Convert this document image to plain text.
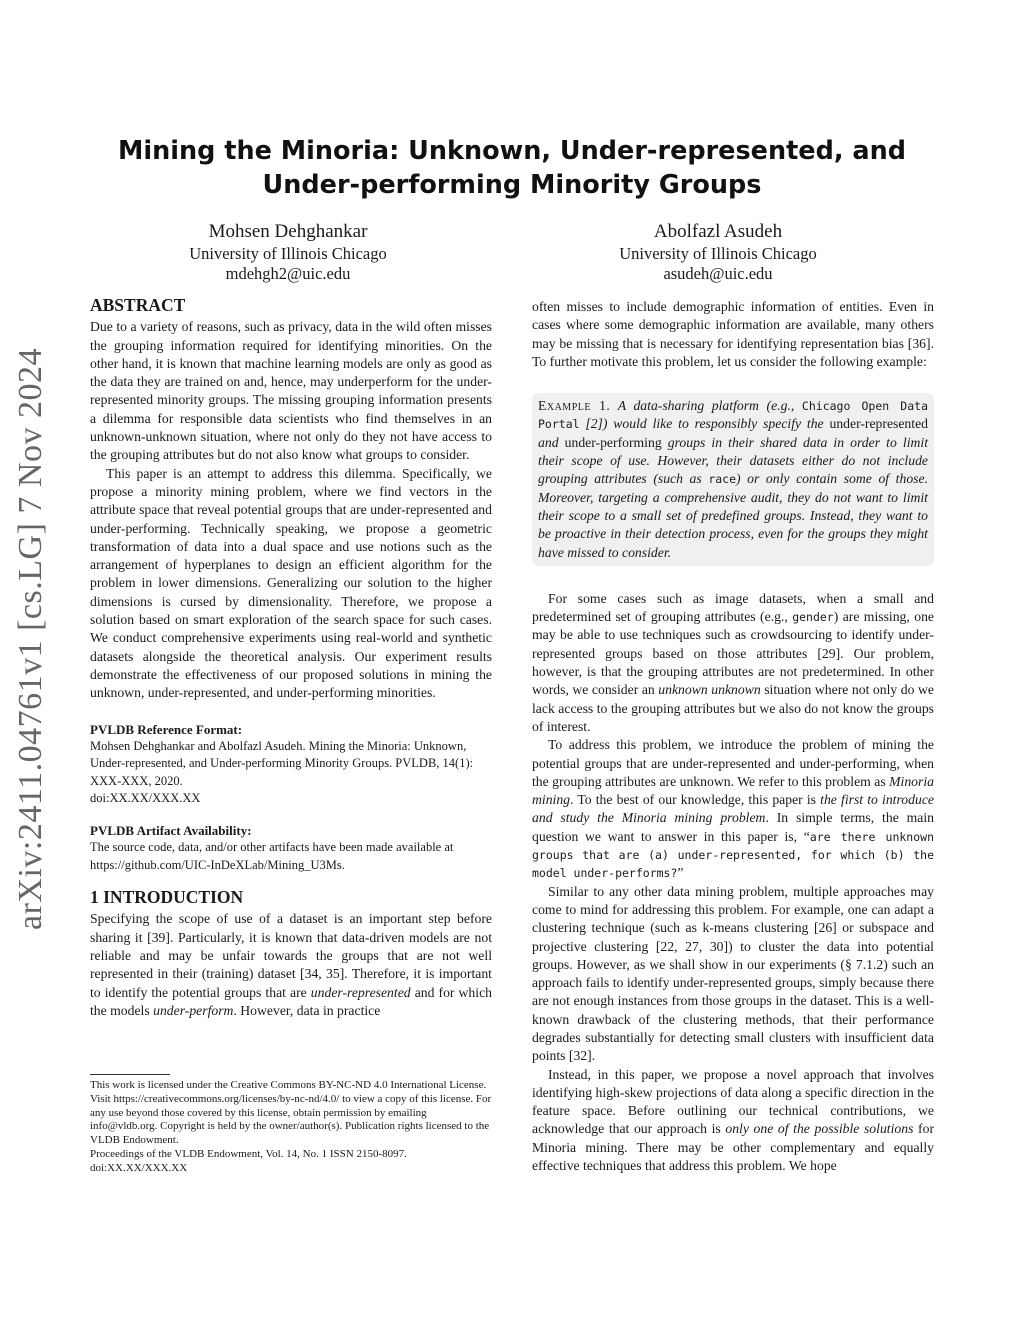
arXiv:2411.04761v1 [cs.LG] 7 Nov 2024
Mining the Minoria: Unknown, Under-represented, and
Under-performing Minority Groups
Mohsen Dehghankar
University of Illinois Chicago
mdehgh2@uic.edu
Abolfazl Asudeh
University of Illinois Chicago
asudeh@uic.edu
ABSTRACT

Due to a variety of reasons, such as privacy, data in the wild often misses the grouping information required for identifying minorities. On the other hand, it is known that machine learning models are only as good as the data they are trained on and, hence, may underperform for the under-represented minority groups. The missing grouping information presents a dilemma for responsible data scientists who find themselves in an unknown-unknown situation, where not only do they not have access to the grouping attributes but do not also know what groups to consider.

This paper is an attempt to address this dilemma. Specifically, we propose a minority mining problem, where we find vectors in the attribute space that reveal potential groups that are under-represented and under-performing. Technically speaking, we propose a geometric transformation of data into a dual space and use notions such as the arrangement of hyperplanes to design an efficient algorithm for the problem in lower dimensions. Generalizing our solution to the higher dimensions is cursed by dimensionality. Therefore, we propose a solution based on smart exploration of the search space for such cases. We conduct comprehensive experiments using real-world and synthetic datasets alongside the theoretical analysis. Our experiment results demonstrate the effectiveness of our proposed solutions in mining the unknown, under-represented, and under-performing minorities.

PVLDB Reference Format:
Mohsen Dehghankar and Abolfazl Asudeh. Mining the Minoria: Unknown, Under-represented, and Under-performing Minority Groups. PVLDB, 14(1): XXX-XXX, 2020.
doi:XX.XX/XXX.XX
PVLDB Artifact Availability:
The source code, data, and/or other artifacts have been made available at
https://github.com/UIC-InDeXLab/Mining_U3Ms.
1 INTRODUCTION

Specifying the scope of use of a dataset is an important step before sharing it [39]. Particularly, it is known that data-driven models are not reliable and may be unfair towards the groups that are not well represented in their (training) dataset [34, 35]. Therefore, it is important to identify the potential groups that are under-represented and for which the models under-perform. However, data in practice

This work is licensed under the Creative Commons BY-NC-ND 4.0 International License. Visit https://creativecommons.org/licenses/by-nc-nd/4.0/ to view a copy of this license. For any use beyond those covered by this license, obtain permission by emailing info@vldb.org. Copyright is held by the owner/author(s). Publication rights licensed to the VLDB Endowment.
Proceedings of the VLDB Endowment, Vol. 14, No. 1 ISSN 2150-8097.
doi:XX.XX/XXX.XX

often misses to include demographic information of entities. Even in cases where some demographic information are available, many others may be missing that is necessary for identifying representation bias [36]. To further motivate this problem, let us consider the following example:

Example 1. A data-sharing platform (e.g., Chicago Open Data Portal [2]) would like to responsibly specify the under-represented and under-performing groups in their shared data in order to limit their scope of use. However, their datasets either do not include grouping attributes (such as race) or only contain some of those. Moreover, targeting a comprehensive audit, they do not want to limit their scope to a small set of predefined groups. Instead, they want to be proactive in their detection process, even for the groups they might have missed to consider.

For some cases such as image datasets, when a small and predetermined set of grouping attributes (e.g., gender) are missing, one may be able to use techniques such as crowdsourcing to identify under-represented groups based on those attributes [29]. Our problem, however, is that the grouping attributes are not predetermined. In other words, we consider an unknown unknown situation where not only do we lack access to the grouping attributes but we also do not know the groups of interest.

To address this problem, we introduce the problem of mining the potential groups that are under-represented and under-performing, when the grouping attributes are unknown. We refer to this problem as Minoria mining. To the best of our knowledge, this paper is the first to introduce and study the Minoria mining problem. In simple terms, the main question we want to answer in this paper is, “are there unknown groups that are (a) under-represented, for which (b) the model under-performs?”

Similar to any other data mining problem, multiple approaches may come to mind for addressing this problem. For example, one can adapt a clustering technique (such as k-means clustering [26] or subspace and projective clustering [22, 27, 30]) to cluster the data into potential groups. However, as we shall show in our experiments (§ 7.1.2) such an approach fails to identify under-represented groups, simply because there are not enough instances from those groups in the dataset. This is a well-known drawback of the clustering methods, that their performance degrades substantially for detecting small clusters with insufficient data points [32].

Instead, in this paper, we propose a novel approach that involves identifying high-skew projections of data along a specific direction in the feature space. Before outlining our technical contributions, we acknowledge that our approach is only one of the possible solutions for Minoria mining. There may be other complementary and equally effective techniques that address this problem. We hope
